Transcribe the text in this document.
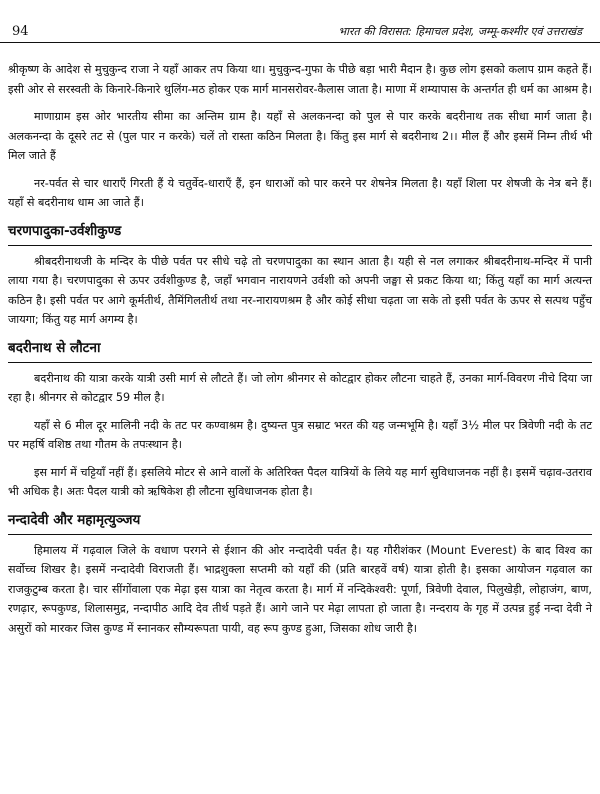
94	भारत की विरासत: हिमाचल प्रदेश, जम्मू-कश्मीर एवं उत्तराखंड

श्रीकृष्ण के आदेश से मुचुकुन्द राजा ने यहाँ आकर तप किया था। मुचुकुन्द-गुफा के पीछे बड़ा भारी मैदान है। कुछ लोग इसको कलाप ग्राम कहते हैं। इसी ओर से सरस्वती के किनारे-किनारे थुलिंग-मठ होकर एक मार्ग मानसरोवर-कैलास जाता है। माणा में शम्यापास के अन्तर्गत ही धर्म का आश्रम है।

माणाग्राम इस ओर भारतीय सीमा का अन्तिम ग्राम है। यहाँ से अलकनन्दा को पुल से पार करके बदरीनाथ तक सीधा मार्ग जाता है। अलकनन्दा के दूसरे तट से (पुल पार न करके) चलें तो रास्ता कठिन मिलता है। किंतु इस मार्ग से बदरीनाथ 2।। मील हैं और इसमें निम्न तीर्थ भी मिल जाते हैं

नर-पर्वत से चार धाराएँ गिरती हैं ये चतुर्वेद-धाराएँ हैं, इन धाराओं को पार करने पर शेषनेत्र मिलता है। यहाँ शिला पर शेषजी के नेत्र बने हैं। यहाँ से बदरीनाथ धाम आ जाते हैं।

चरणपादुका-उर्वशीकुण्ड

श्रीबदरीनाथजी के मन्दिर के पीछे पर्वत पर सीधे चढ़े तो चरणपादुका का स्थान आता है। यही से नल लगाकर श्रीबदरीनाथ-मन्दिर में पानी लाया गया है। चरणपादुका से ऊपर उर्वशीकुण्ड है, जहाँ भगवान नारायणने उर्वशी को अपनी जङ्घा से प्रकट किया था; किंतु यहाँ का मार्ग अत्यन्त कठिन है। इसी पर्वत पर आगे कूर्मतीर्थ, तैमिंगिलतीर्थ तथा नर-नारायणश्रम है और कोई सीधा चढ़ता जा सके तो इसी पर्वत के ऊपर से सत्पथ पहुँच जायगा; किंतु यह मार्ग अगम्य है।

बदरीनाथ से लौटना

बदरीनाथ की यात्रा करके यात्री उसी मार्ग से लौटते हैं। जो लोग श्रीनगर से कोटद्वार होकर लौटना चाहते हैं, उनका मार्ग-विवरण नीचे दिया जा रहा है। श्रीनगर से कोटद्वार 59 मील है।

यहाँ से 6 मील दूर मालिनी नदी के तट पर कण्वाश्रम है। दुष्यन्त पुत्र सम्राट भरत की यह जन्मभूमि है। यहाँ 3½ मील पर त्रिवेणी नदी के तट पर महर्षि वशिष्ठ तथा गौतम के तपःस्थान है।

इस मार्ग में चट्टियाँ नहीं हैं। इसलिये मोटर से आने वालों के अतिरिक्त पैदल यात्रियों के लिये यह मार्ग सुविधाजनक नहीं है। इसमें चढ़ाव-उतराव भी अधिक है। अतः पैदल यात्री को ऋषिकेश ही लौटना सुविधाजनक होता है।

नन्दादेवी और महामृत्युञ्जय

हिमालय में गढ़वाल जिले के वधाण परगने से ईशान की ओर नन्दादेवी पर्वत है। यह गौरीशंकर (Mount Everest) के बाद विश्व का सर्वोच्च शिखर है। इसमें नन्दादेवी विराजती हैं। भाद्रशुक्ला सप्तमी को यहाँ की (प्रति बारहवें वर्ष) यात्रा होती है। इसका आयोजन गढ़वाल का राजकुटुम्ब करता है। चार सींगोंवाला एक मेढ़ा इस यात्रा का नेतृत्व करता है। मार्ग में नन्दिकेश्वरी: पूर्णा, त्रिवेणी देवाल, पिलुखेड़ी, लोहाजंग, बाण, रणढ़ार, रूपकुण्ड, शिलासमुद्र, नन्दापीठ आदि देव तीर्थ पड़ते हैं। आगे जाने पर मेढ़ा लापता हो जाता है। नन्दराय के गृह में उत्पन्न हुई नन्दा देवी ने असुरों को मारकर जिस कुण्ड में स्नानकर सौम्यरूपता पायी, वह रूप कुण्ड हुआ, जिसका शोध जारी है।
